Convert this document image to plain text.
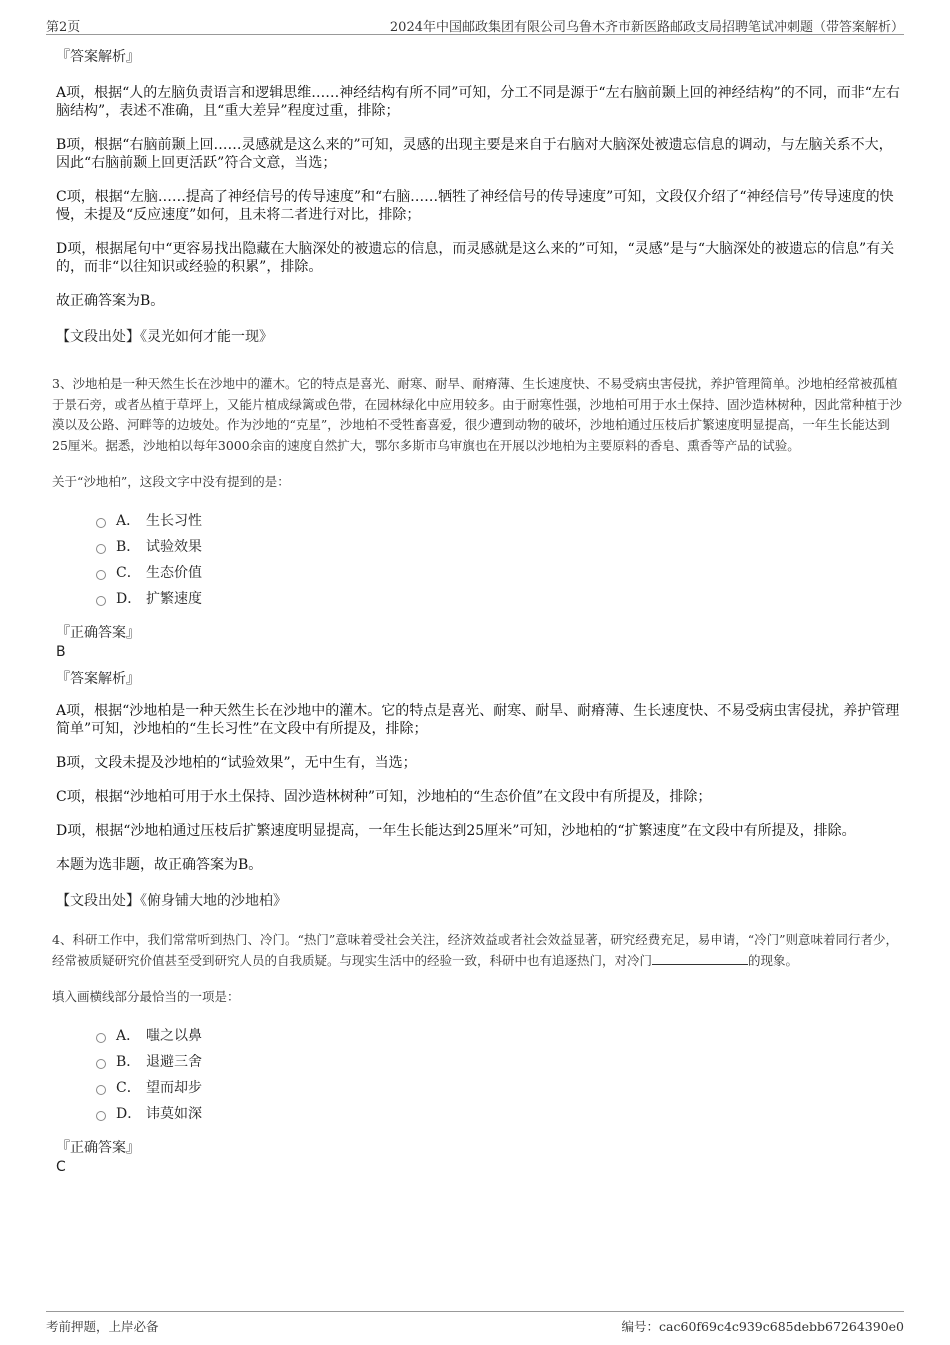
第2页	2024年中国邮政集团有限公司乌鲁木齐市新医路邮政支局招聘笔试冲刺题（带答案解析）
『答案解析』

A项，根据“人的左脑负责语言和逻辑思维……神经结构有所不同”可知，分工不同是源于“左右脑前颞上回的神经结构”的不同，而非“左右脑结构”，表述不准确，且“重大差异”程度过重，排除；

B项，根据“右脑前颞上回……灵感就是这么来的”可知，灵感的出现主要是来自于右脑对大脑深处被遗忘信息的调动，与左脑关系不大，因此“右脑前颞上回更活跃”符合文意，当选；

C项，根据“左脑……提高了神经信号的传导速度”和“右脑……牺牲了神经信号的传导速度”可知，文段仅介绍了“神经信号”传导速度的快慢，未提及“反应速度”如何，且未将二者进行对比，排除；

D项，根据尾句中“更容易找出隐藏在大脑深处的被遗忘的信息，而灵感就是这么来的”可知，“灵感”是与“大脑深处的被遗忘的信息”有关的，而非“以往知识或经验的积累”，排除。

故正确答案为B。

【文段出处】《灵光如何才能一现》

3、沙地柏是一种天然生长在沙地中的灌木。它的特点是喜光、耐寒、耐旱、耐瘠薄、生长速度快、不易受病虫害侵扰，养护管理简单。沙地柏经常被孤植于景石旁，或者丛植于草坪上，又能片植成绿篱或色带，在园林绿化中应用较多。由于耐寒性强，沙地柏可用于水土保持、固沙造林树种，因此常种植于沙漠以及公路、河畔等的边坡处。作为沙地的“克星”，沙地柏不受牲畜喜爱，很少遭到动物的破坏，沙地柏通过压枝后扩繁速度明显提高，一年生长能达到25厘米。据悉，沙地柏以每年3000余亩的速度自然扩大，鄂尔多斯市乌审旗也在开展以沙地柏为主要原料的香皂、熏香等产品的试验。

关于“沙地柏”，这段文字中没有提到的是：

A． 生长习性
B． 试验效果
C． 生态价值
D． 扩繁速度
『正确答案』
B
『答案解析』

A项，根据“沙地柏是一种天然生长在沙地中的灌木。它的特点是喜光、耐寒、耐旱、耐瘠薄、生长速度快、不易受病虫害侵扰，养护管理简单”可知，沙地柏的“生长习性”在文段中有所提及，排除；

B项，文段未提及沙地柏的“试验效果”，无中生有，当选；

C项，根据“沙地柏可用于水土保持、固沙造林树种”可知，沙地柏的“生态价值”在文段中有所提及，排除；

D项，根据“沙地柏通过压枝后扩繁速度明显提高，一年生长能达到25厘米”可知，沙地柏的“扩繁速度”在文段中有所提及，排除。

本题为选非题，故正确答案为B。

【文段出处】《俯身铺大地的沙地柏》

4、科研工作中，我们常常听到热门、冷门。“热门”意味着受社会关注，经济效益或者社会效益显著，研究经费充足，易申请，“冷门”则意味着同行者少，经常被质疑研究价值甚至受到研究人员的自我质疑。与现实生活中的经验一致，科研中也有追逐热门，对冷门	的现象。

填入画横线部分最恰当的一项是：

A． 嗤之以鼻
B． 退避三舍
C． 望而却步
D． 讳莫如深
『正确答案』
C
考前押题，上岸必备	编号：cac60f69c4c939c685debb67264390e0
